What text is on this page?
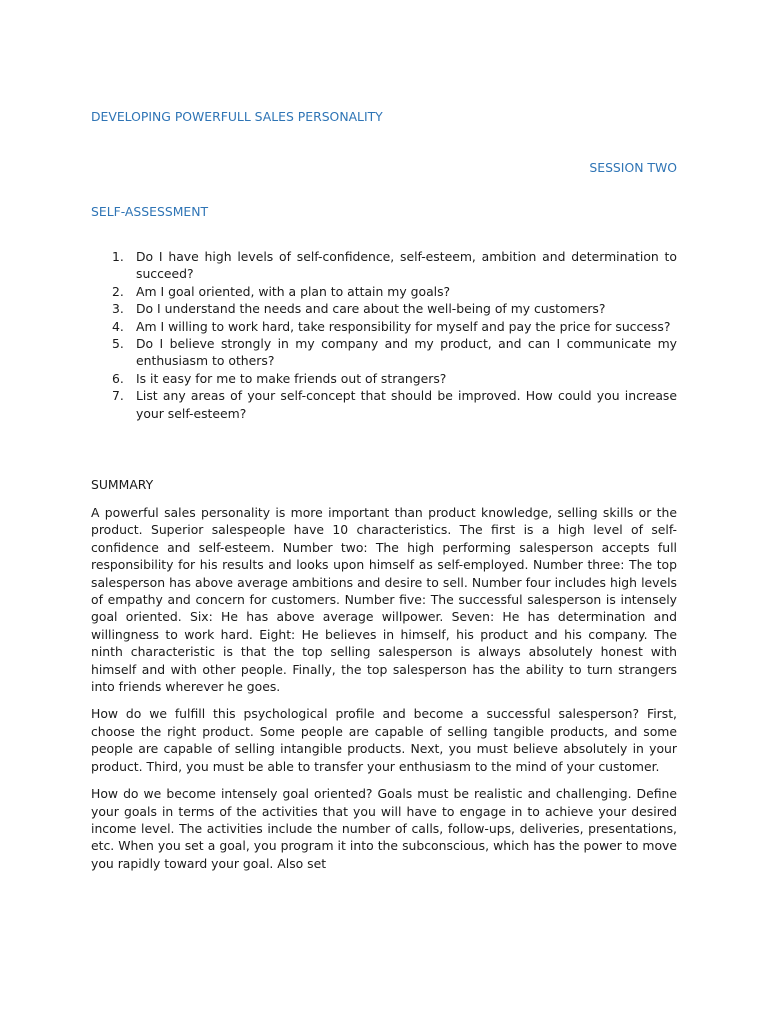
DEVELOPING POWERFULL SALES PERSONALITY
SESSION TWO
SELF-ASSESSMENT
1. Do I have high levels of self-confidence, self-esteem, ambition and determination to succeed?
2. Am I goal oriented, with a plan to attain my goals?
3. Do I understand the needs and care about the well-being of my customers?
4. Am I willing to work hard, take responsibility for myself and pay the price for success?
5. Do I believe strongly in my company and my product, and can I communicate my enthusiasm to others?
6. Is it easy for me to make friends out of strangers?
7. List any areas of your self-concept that should be improved. How could you increase your self-esteem?
SUMMARY

A powerful sales personality is more important than product knowledge, selling skills or the product. Superior salespeople have 10 characteristics. The first is a high level of self-confidence and self-esteem. Number two: The high performing salesperson accepts full responsibility for his results and looks upon himself as self-employed. Number three: The top salesperson has above average ambitions and desire to sell. Number four includes high levels of empathy and concern for customers. Number five: The successful salesperson is intensely goal oriented. Six: He has above average willpower. Seven: He has determination and willingness to work hard. Eight: He believes in himself, his product and his company. The ninth characteristic is that the top selling salesperson is always absolutely honest with himself and with other people. Finally, the top salesperson has the ability to turn strangers into friends wherever he goes.

How do we fulfill this psychological profile and become a successful salesperson? First, choose the right product. Some people are capable of selling tangible products, and some people are capable of selling intangible products. Next, you must believe absolutely in your product. Third, you must be able to transfer your enthusiasm to the mind of your customer.

How do we become intensely goal oriented? Goals must be realistic and challenging. Define your goals in terms of the activities that you will have to engage in to achieve your desired income level. The activities include the number of calls, follow-ups, deliveries, presentations, etc. When you set a goal, you program it into the subconscious, which has the power to move you rapidly toward your goal. Also set
